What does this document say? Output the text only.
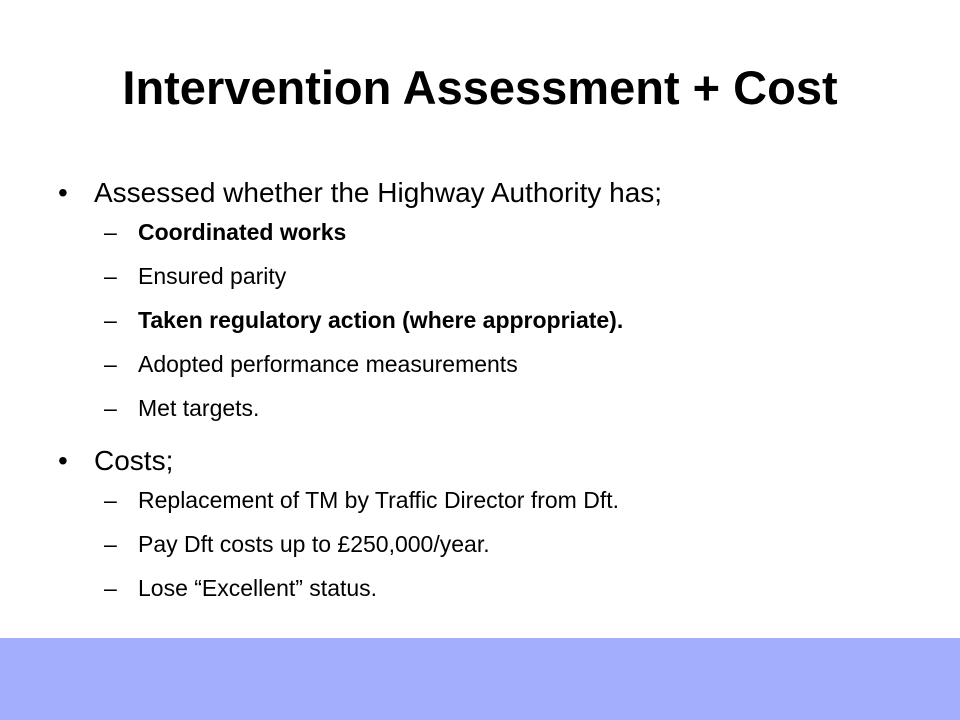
Intervention Assessment + Cost
• Assessed whether the Highway Authority has;
– Coordinated works
– Ensured parity
– Taken regulatory action (where appropriate).
– Adopted performance measurements
– Met targets.
• Costs;
– Replacement of TM by Traffic Director from Dft.
– Pay Dft costs up to £250,000/year.
– Lose “Excellent” status.
